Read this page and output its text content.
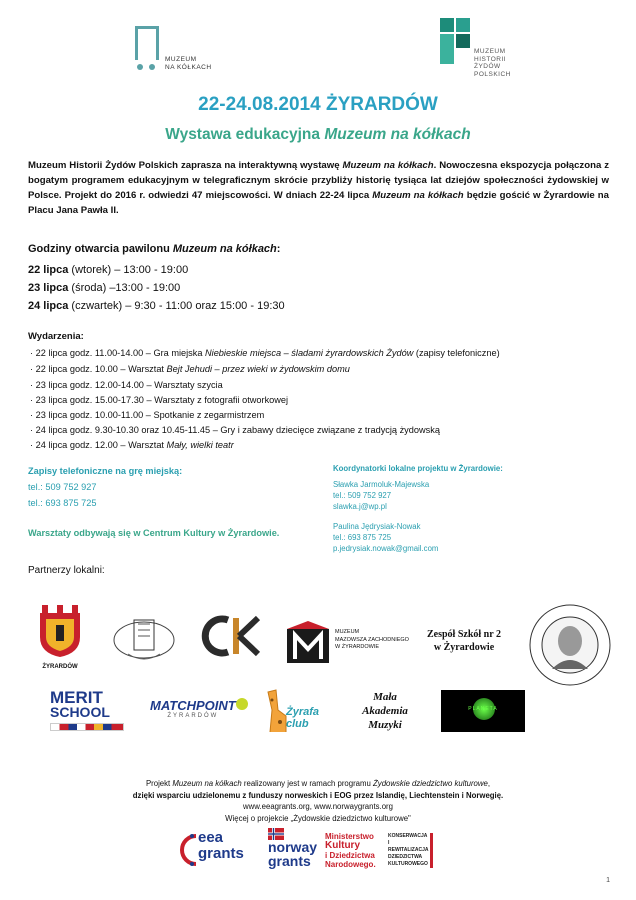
MUZEUM
NA KÓŁKACH
MUZEUM
HISTORII
ŻYDÓW
POLSKICH
22-24.08.2014 ŻYRARDÓW
Wystawa edukacyjna Muzeum na kółkach
Muzeum Historii Żydów Polskich zaprasza na interaktywną wystawę Muzeum na kółkach. Nowoczesna ekspozycja połączona z bogatym programem edukacyjnym w telegraficznym skrócie przybliży historię tysiąca lat dziejów społeczności żydowskiej w Polsce. Projekt do 2016 r. odwiedzi 47 miejscowości. W dniach 22-24 lipca Muzeum na kółkach będzie gościć w Żyrardowie na Placu Jana Pawła II.
Godziny otwarcia pawilonu Muzeum na kółkach:
22 lipca (wtorek) – 13:00 - 19:00
23 lipca (środa) –13:00 - 19:00
24 lipca (czwartek) – 9:30 - 11:00 oraz 15:00 - 19:30
Wydarzenia:
· 22 lipca godz. 11.00-14.00 – Gra miejska Niebieskie miejsca – śladami żyrardowskich Żydów (zapisy telefoniczne)
· 22 lipca godz. 10.00 – Warsztat Bejt Jehudi – przez wieki w żydowskim domu
· 23 lipca godz. 12.00-14.00 – Warsztaty szycia
· 23 lipca godz. 15.00-17.30 – Warsztaty z fotografii otworkowej
· 23 lipca godz. 10.00-11.00 – Spotkanie z zegarmistrzem
· 24 lipca godz. 9.30-10.30 oraz 10.45-11.45 – Gry i zabawy dziecięce związane z tradycją żydowską
· 24 lipca godz. 12.00 – Warsztat Mały, wielki teatr
Zapisy telefoniczne na grę miejską:
tel.: 509 752 927
tel.: 693 875 725
Warsztaty odbywają się w Centrum Kultury w Żyrardowie.
Koordynatorki lokalne projektu w Żyrardowie:
Sławka Jarmoluk-Majewska
tel.: 509 752 927
slawka.j@wp.pl
Paulina Jędrysiak-Nowak
tel.: 693 875 725
p.jedrysiak.nowak@gmail.com
Partnerzy lokalni:
ŻYRARDÓW
MUZEUM
MAZOWSZA ZACHODNIEGO
W ŻYRARDOWIE
Zespół Szkół nr 2
w Żyrardowie
MERIT
SCHOOL	MATCHPOINT
ŻYRARDÓW	Żyrafa club
Mała
Akademia
Muzyki
PLANETA
Projekt Muzeum na kółkach realizowany jest w ramach programu Żydowskie dziedzictwo kulturowe,
dzięki wsparciu udzielonemu z funduszy norweskich i EOG przez Islandię, Liechtenstein i Norwegię.
www.eeagrants.org, www.norwaygrants.org
Więcej o projekcie „Żydowskie dziedzictwo kulturowe"
eea
grants norway
grants
Ministerstwo
Kultury
i Dziedzictwa
Narodowego.
KONSERWACJA
I REWITALIZACJA
DZIEDZICTWA
KULTUROWEGO
1
